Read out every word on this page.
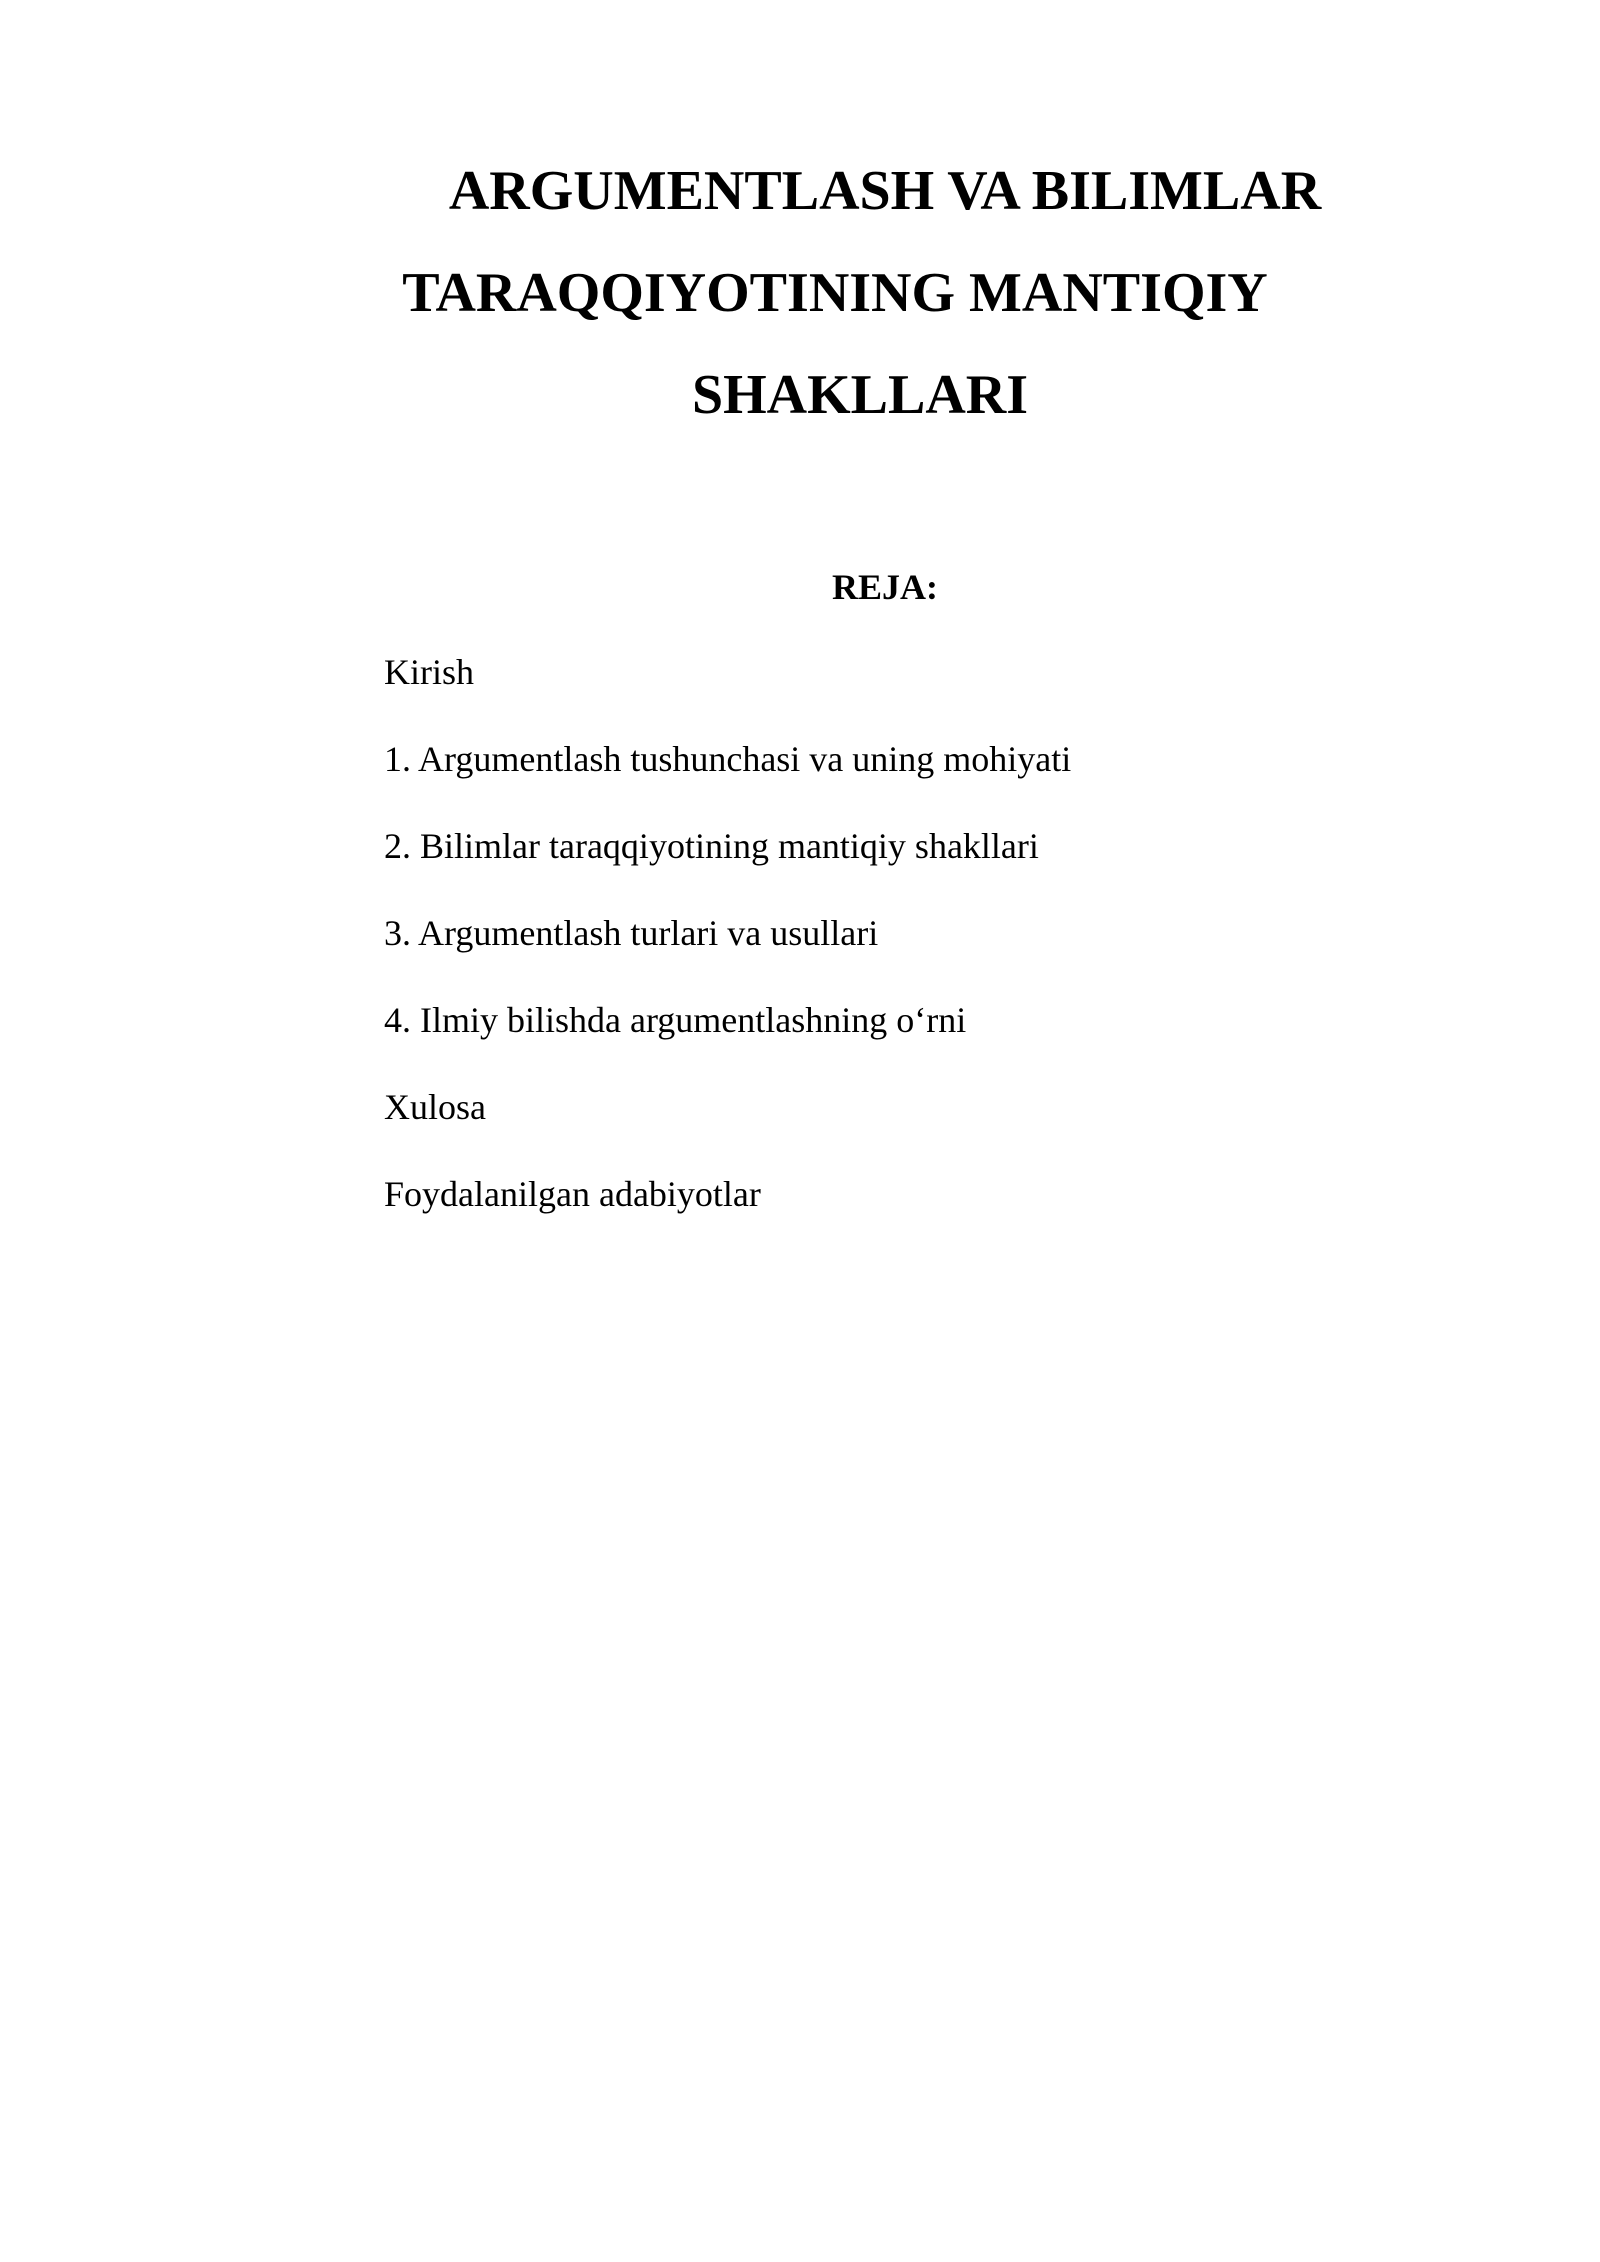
ARGUMENTLASH VA BILIMLAR
TARAQQIYOTINING MANTIQIY
SHAKLLARI
REJA:
Kirish
1. Argumentlash tushunchasi va uning mohiyati
2. Bilimlar taraqqiyotining mantiqiy shakllari
3. Argumentlash turlari va usullari
4. Ilmiy bilishda argumentlashning o‘rni
Xulosa
Foydalanilgan adabiyotlar
